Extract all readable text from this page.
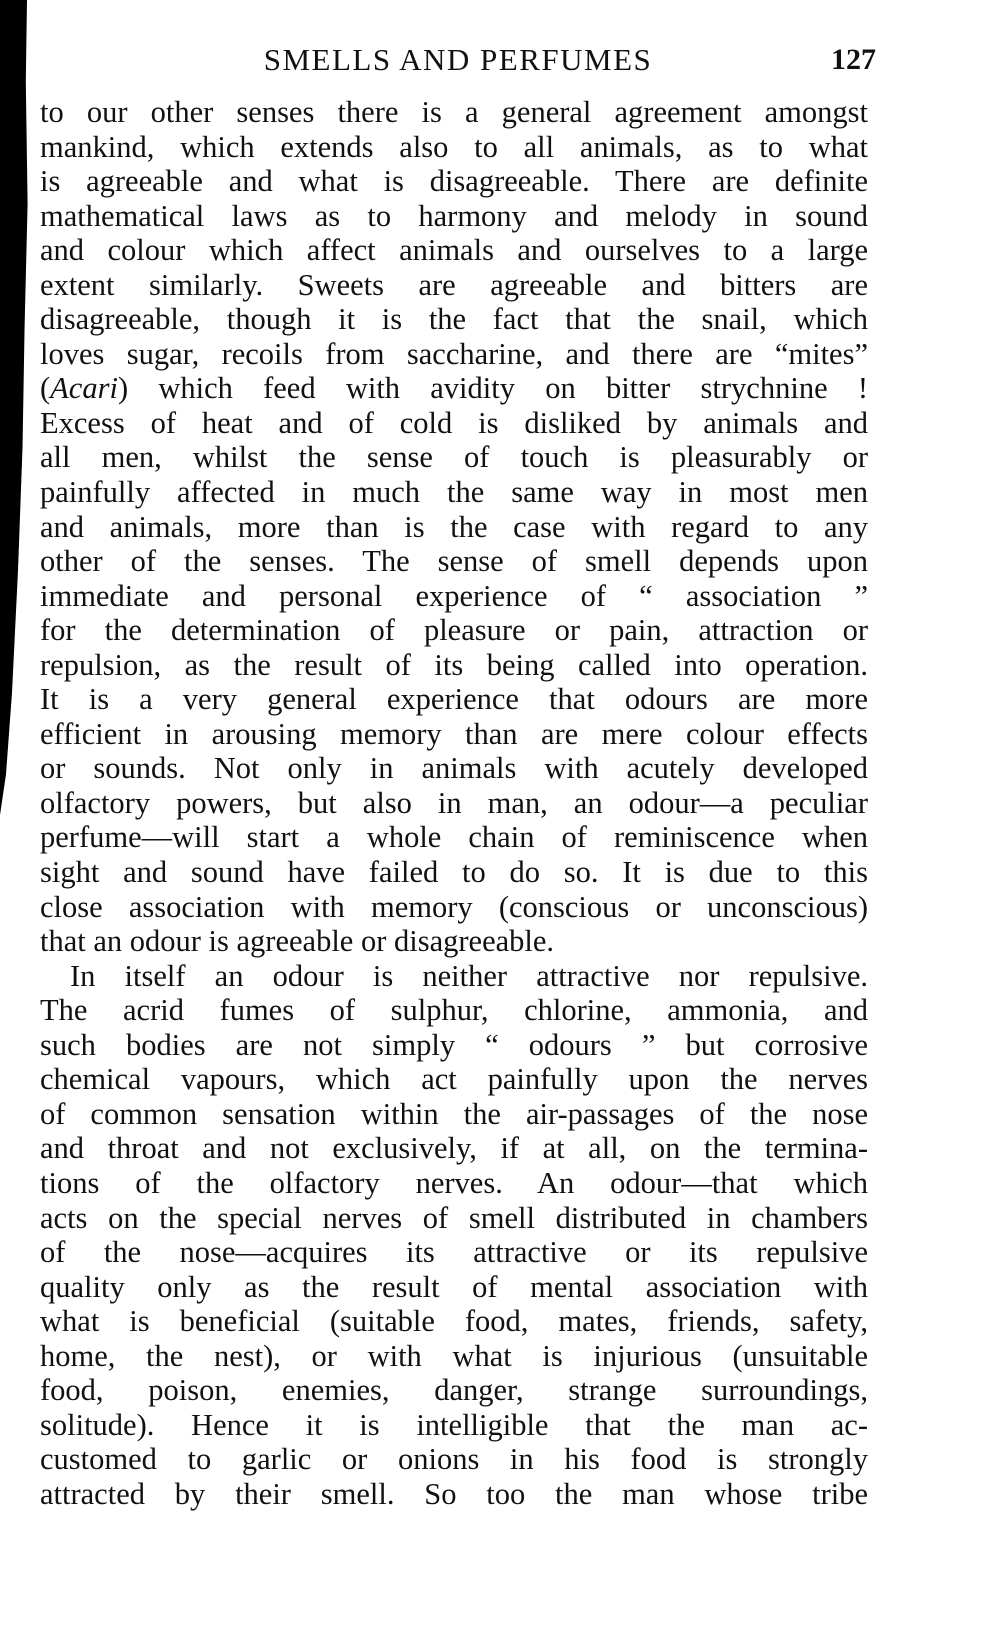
SMELLS AND PERFUMES	127
to our other senses there is a general agreement amongst
mankind, which extends also to all animals, as to what
is agreeable and what is disagreeable. There are definite
mathematical laws as to harmony and melody in sound
and colour which affect animals and ourselves to a large
extent similarly. Sweets are agreeable and bitters are
disagreeable, though it is the fact that the snail, which
loves sugar, recoils from saccharine, and there are “mites”
(Acari) which feed with avidity on bitter strychnine !
Excess of heat and of cold is disliked by animals and
all men, whilst the sense of touch is pleasurably or
painfully affected in much the same way in most men
and animals, more than is the case with regard to any
other of the senses. The sense of smell depends upon
immediate and personal experience of “ association ”
for the determination of pleasure or pain, attraction or
repulsion, as the result of its being called into operation.
It is a very general experience that odours are more
efficient in arousing memory than are mere colour effects
or sounds. Not only in animals with acutely developed
olfactory powers, but also in man, an odour—a peculiar
perfume—will start a whole chain of reminiscence when
sight and sound have failed to do so. It is due to this
close association with memory (conscious or unconscious)
that an odour is agreeable or disagreeable.
In itself an odour is neither attractive nor repulsive.
The acrid fumes of sulphur, chlorine, ammonia, and
such bodies are not simply “ odours ” but corrosive
chemical vapours, which act painfully upon the nerves
of common sensation within the air-passages of the nose
and throat and not exclusively, if at all, on the termina-
tions of the olfactory nerves. An odour—that which
acts on the special nerves of smell distributed in chambers
of the nose—acquires its attractive or its repulsive
quality only as the result of mental association with
what is beneficial (suitable food, mates, friends, safety,
home, the nest), or with what is injurious (unsuitable
food, poison, enemies, danger, strange surroundings,
solitude). Hence it is intelligible that the man ac-
customed to garlic or onions in his food is strongly
attracted by their smell. So too the man whose tribe
